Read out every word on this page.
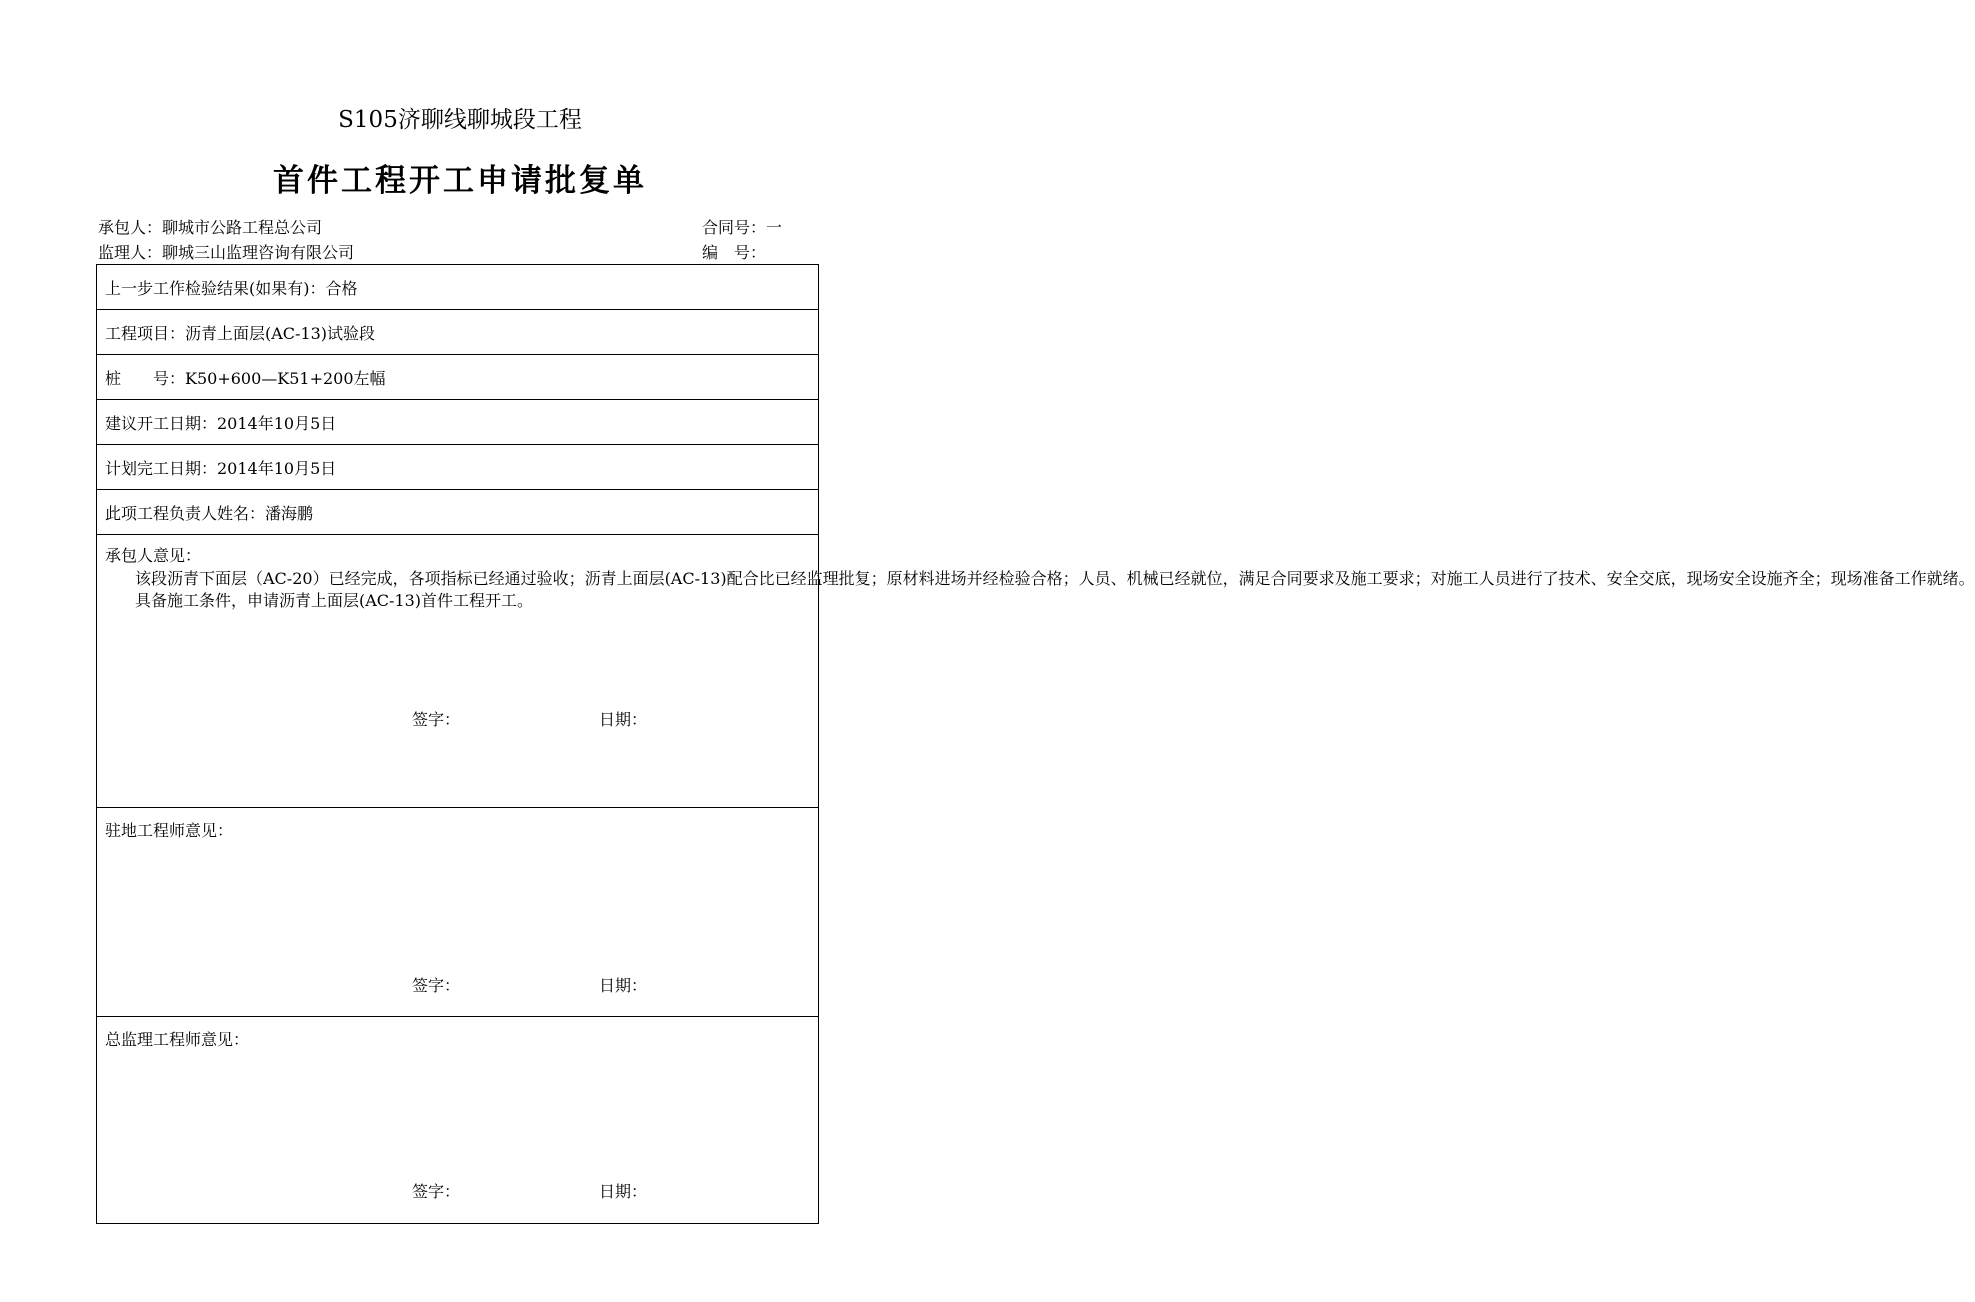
S105济聊线聊城段工程
首件工程开工申请批复单
承包人：聊城市公路工程总公司	合同号：一
监理人：聊城三山监理咨询有限公司	编　号：
上一步工作检验结果(如果有)：合格
工程项目：沥青上面层(AC-13)试验段
桩　　号：K50+600—K51+200左幅
建议开工日期：2014年10月5日
计划完工日期：2014年10月5日
此项工程负责人姓名：潘海鹏

承包人意见：

该段沥青下面层（AC-20）已经完成，各项指标已经通过验收；沥青上面层(AC-13)配合比已经监理批复；原材料进场并经检验合格；人员、机械已经就位，满足合同要求及施工要求；对施工人员进行了技术、安全交底，现场安全设施齐全；现场准备工作就绪。

具备施工条件，申请沥青上面层(AC-13)首件工程开工。

签字：	日期：

驻地工程师意见：
签字：	日期：

总监理工程师意见：
签字：	日期：
